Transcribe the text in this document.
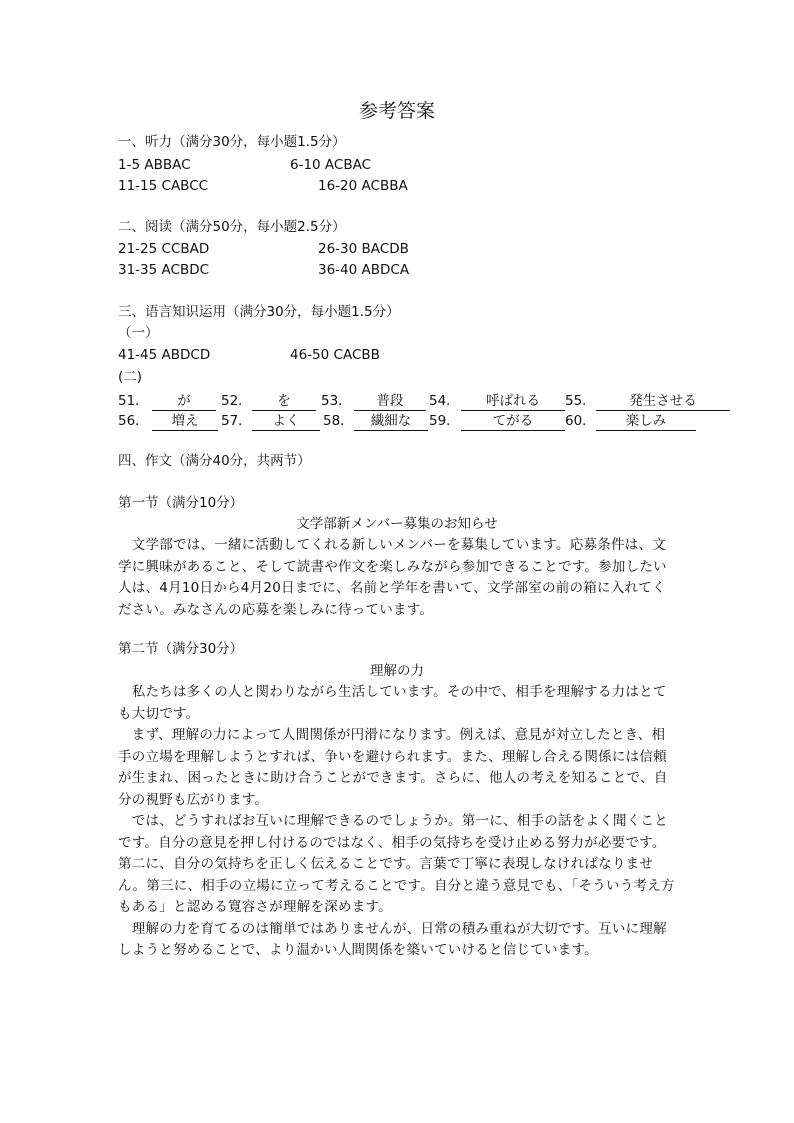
参考答案
一、听力（满分30分，每小题1.5分）
1-5 ABBAC	6-10 ACBAC
11-15 CABCC	16-20 ACBBA
二、阅读（满分50分，每小题2.5分）
21-25 CCBAD	26-30 BACDB
31-35 ACBDC	36-40 ABDCA
三、语言知识运用（满分30分，每小题1.5分）
（一）
41-45 ABDCD	46-50 CACBB
(二)
51．	が	52．	を	53．	普段	54．	呼ばれる	55．	発生させる
56．	増え	57．	よく	58．	繊細な	59．	てがる	60．	楽しみ
四、作文（满分40分，共两节）
第一节（满分10分）
文学部新メンバー募集のお知らせ
　文学部では、一緒に活動してくれる新しいメンバーを募集しています。応募条件は、文学に興味があること、そして読書や作文を楽しみながら参加できることです。参加したい人は、4月10日から4月20日までに、名前と学年を書いて、文学部室の前の箱に入れてください。みなさんの応募を楽しみに待っています。
第二节（满分30分）
理解の力
　私たちは多くの人と関わりながら生活しています。その中で、相手を理解する力はとても大切です。
　まず、理解の力によって人間関係が円滑になります。例えば、意見が対立したとき、相手の立場を理解しようとすれば、争いを避けられます。また、理解し合える関係には信頼が生まれ、困ったときに助け合うことができます。さらに、他人の考えを知ることで、自分の視野も広がります。
　では、どうすればお互いに理解できるのでしょうか。第一に、相手の話をよく聞くことです。自分の意見を押し付けるのではなく、相手の気持ちを受け止める努力が必要です。第二に、自分の気持ちを正しく伝えることです。言葉で丁寧に表現しなければなりません。第三に、相手の立場に立って考えることです。自分と違う意見でも、「そういう考え方もある」と認める寛容さが理解を深めます。
　理解の力を育てるのは簡単ではありませんが、日常の積み重ねが大切です。互いに理解しようと努めることで、より温かい人間関係を築いていけると信じています。
